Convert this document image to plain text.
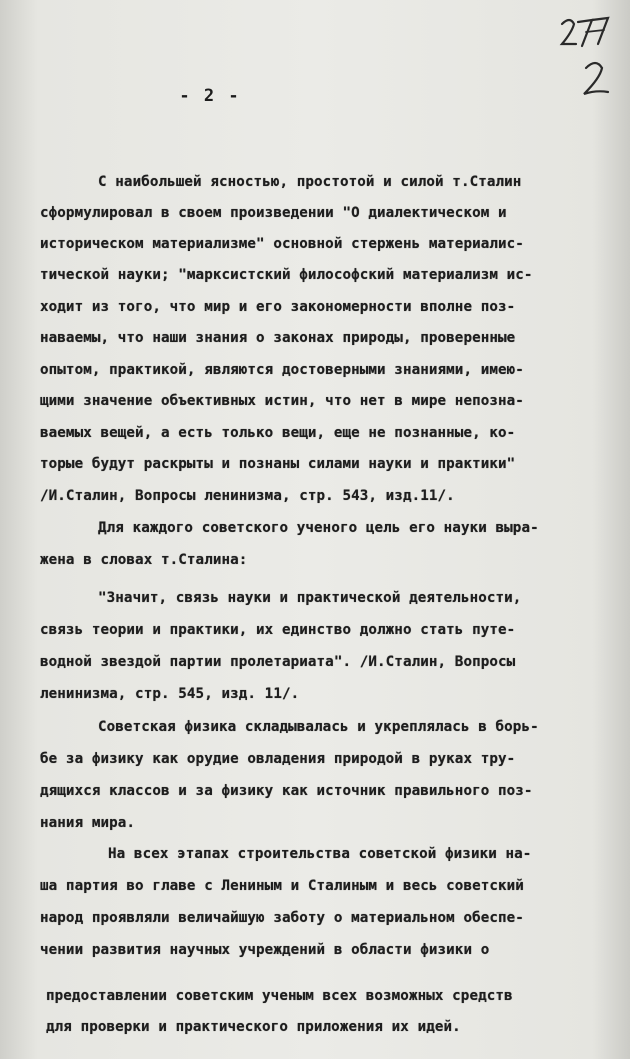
- 2 -
С наибольшей ясностью, простотой и силой т.Сталин
сформулировал в своем произведении "О диалектическом и
историческом материализме" основной стержень материалис-
тической науки; "марксистский философский материализм ис-
ходит из того, что мир и его закономерности вполне поз-
наваемы, что наши знания о законах природы, проверенные
опытом, практикой, являются достоверными знаниями, имею-
щими значение объективных истин, что нет в мире непознa-
ваемых вещей, а есть только вещи, еще не познанные, ко-
торые будут раскрыты и познаны силами науки и практики"
/И.Сталин, Вопросы ленинизма, стр. 543, изд.11/.
Для каждого советского ученого цель его науки выра-
жена в словах т.Сталина:
"Значит, связь науки и практической деятельности,
связь теории и практики, их единство должно стать путе-
водной звездой партии пролетариата". /И.Сталин, Вопросы
ленинизма, стр. 545, изд. 11/.
Советская физика складывалась и укреплялась в борь-
бе за физику как орудие овладения природой в руках тру-
дящихся классов и за физику как источник правильного поз-
нания мира.
На всех этапах строительства советской физики на-
ша партия во главе с Лениным и Сталиным и весь советский
народ проявляли величайшую заботу о материальном обеспе-
чении развития научных учреждений в области физики о
предоставлении советским ученым всех возможных средств
для проверки и практического приложения их идей.
